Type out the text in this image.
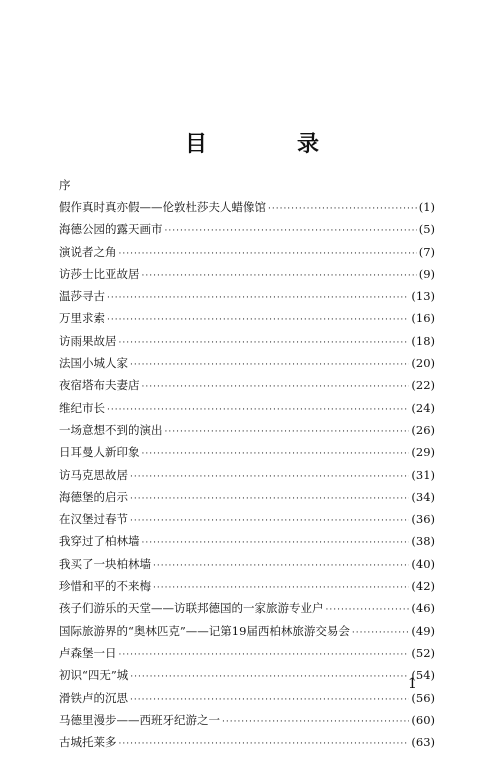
目　录
序
假作真时真亦假——伦敦杜莎夫人蜡像馆 ·····	(1)
海德公园的露天画市 ·····	(5)
演说者之角 ·····	(7)
访莎士比亚故居 ·····	(9)
温莎寻古 ·····	(13)
万里求索 ·····	(16)
访雨果故居 ·····	(18)
法国小城人家 ·····	(20)
夜宿塔布夫妻店 ·····	(22)
维纪市长 ·····	(24)
一场意想不到的演出 ·····	(26)
日耳曼人新印象 ·····	(29)
访马克思故居 ·····	(31)
海德堡的启示 ·····	(34)
在汉堡过春节 ·····	(36)
我穿过了柏林墙 ·····	(38)
我买了一块柏林墙 ·····	(40)
珍惜和平的不来梅 ·····	(42)
孩子们游乐的天堂——访联邦德国的一家旅游专业户 ·····	(46)
国际旅游界的“奥林匹克”——记第19届西柏林旅游交易会 ·····	(49)
卢森堡一日 ·····	(52)
初识“四无”城 ·····	(54)
滑铁卢的沉思 ·····	(56)
马德里漫步——西班牙纪游之一 ·····	(60)
古城托莱多 ·····	(63)
1
